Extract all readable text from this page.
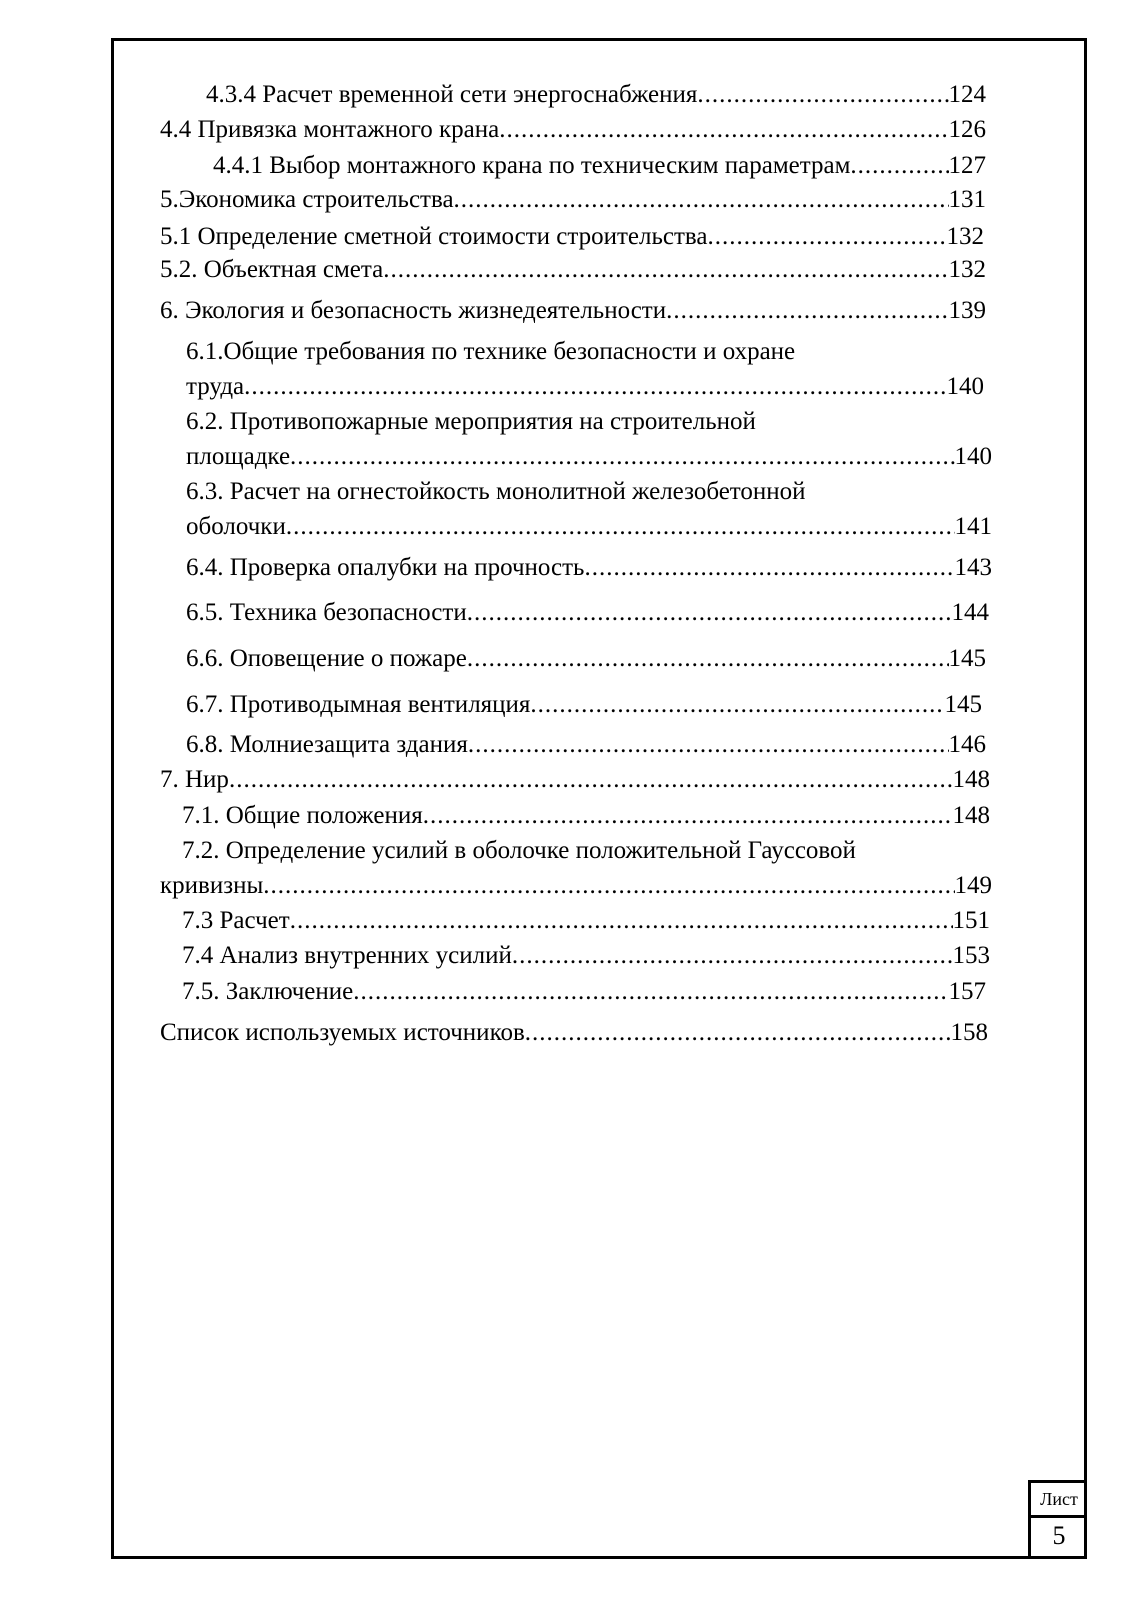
4.3.4 Расчет временной сети энергоснабжения .....	124
4.4 Привязка монтажного крана .....	126
4.4.1 Выбор монтажного крана по техническим параметрам .....	127
5.Экономика строительства .....	131
5.1 Определение сметной стоимости строительства .....	132
5.2. Объектная смета .....	132
6. Экология и безопасность жизнедеятельности .....	139
6.1.Общие требования по технике безопасности и охране
труда .....	140
6.2. Противопожарные мероприятия на строительной
площадке .....	140
6.3. Расчет на огнестойкость монолитной железобетонной
оболочки .....	141
6.4. Проверка опалубки на прочность .....	143
6.5. Техника безопасности .....	144
6.6. Оповещение о пожаре .....	145
6.7. Противодымная вентиляция .....	145
6.8. Молниезащита здания .....	146
7. Нир .....	148
7.1. Общие положения .....	148
7.2. Определение усилий в оболочке положительной Гауссовой
кривизны .....	149
7.3 Расчет .....	151
7.4 Анализ внутренних усилий .....	153
7.5. Заключение .....	157
Список используемых источников .....	158
Лист
5
